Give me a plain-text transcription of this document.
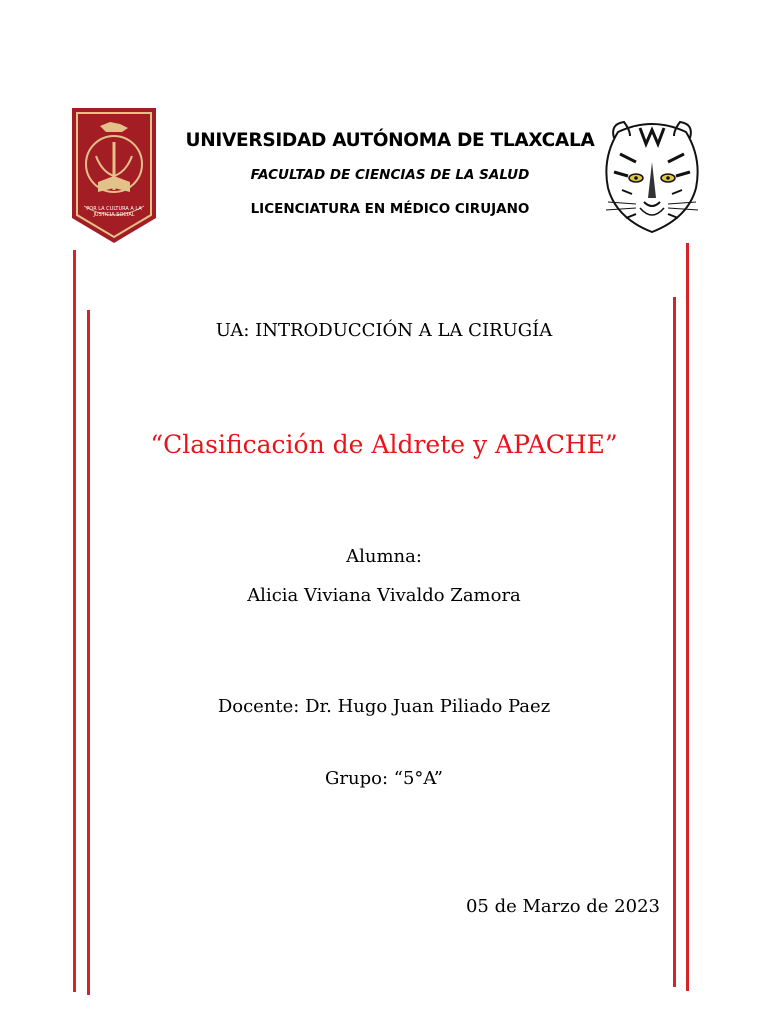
POR LA CULTURA A LA JUSTICIA SOCIAL
UNIVERSIDAD AUTÓNOMA DE TLAXCALA
FACULTAD DE CIENCIAS DE LA SALUD
LICENCIATURA EN MÉDICO CIRUJANO
UA: INTRODUCCIÓN A LA CIRUGÍA
“Clasificación de Aldrete y APACHE”
Alumna:
Alicia Viviana Vivaldo Zamora
Docente: Dr. Hugo Juan Piliado Paez
Grupo: “5°A”
05 de Marzo de 2023
